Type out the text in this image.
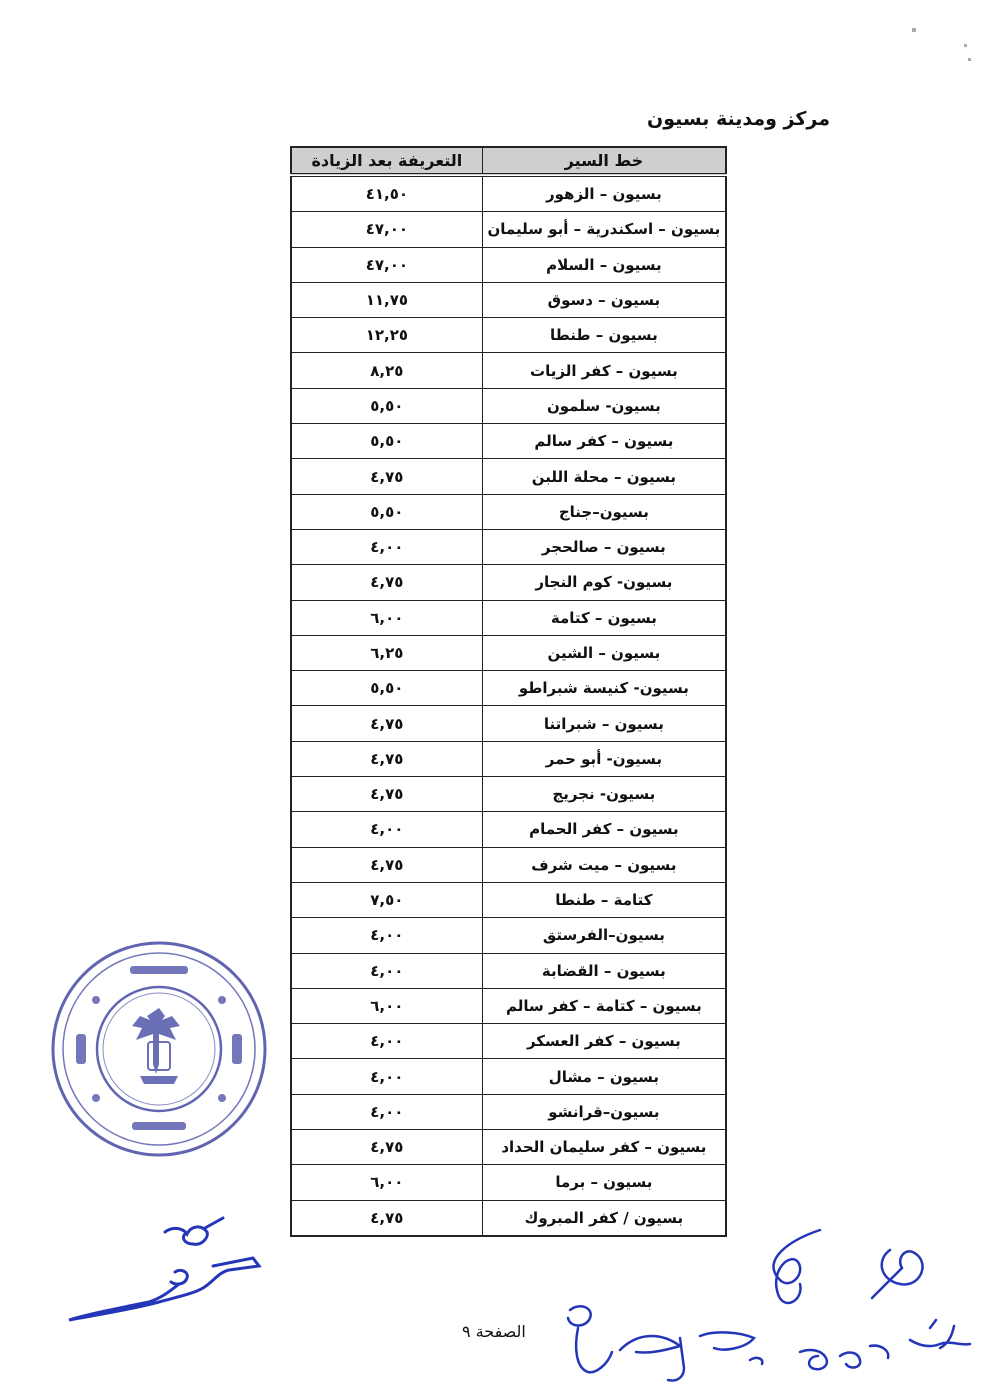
مركز ومدينة بسيون
خط السير	التعريفة بعد الزيادة
بسيون – الزهور	٤١,٥٠
بسيون – اسكندرية – أبو سليمان	٤٧,٠٠
بسيون – السلام	٤٧,٠٠
بسيون – دسوق	١١,٧٥
بسيون – طنطا	١٢,٢٥
بسيون – كفر الزيات	٨,٢٥
بسيون- سلمون	٥,٥٠
بسيون – كفر سالم	٥,٥٠
بسيون – محلة اللبن	٤,٧٥
بسيون–جناج	٥,٥٠
بسيون – صالحجر	٤,٠٠
بسيون- كوم النجار	٤,٧٥
بسيون – كتامة	٦,٠٠
بسيون – الشين	٦,٢٥
بسيون- كنيسة شبراطو	٥,٥٠
بسيون – شبراتنا	٤,٧٥
بسيون- أبو حمر	٤,٧٥
بسيون- نجريج	٤,٧٥
بسيون – كفر الحمام	٤,٠٠
بسيون – ميت شرف	٤,٧٥
كتامة – طنطا	٧,٥٠
بسيون–الفرستق	٤,٠٠
بسيون – القضابة	٤,٠٠
بسيون – كتامة – كفر سالم	٦,٠٠
بسيون – كفر العسكر	٤,٠٠
بسيون – مشال	٤,٠٠
بسيون–قرانشو	٤,٠٠
بسيون – كفر سليمان الحداد	٤,٧٥
بسيون – برما	٦,٠٠
بسيون / كفر المبروك	٤,٧٥
الصفحة ٩
